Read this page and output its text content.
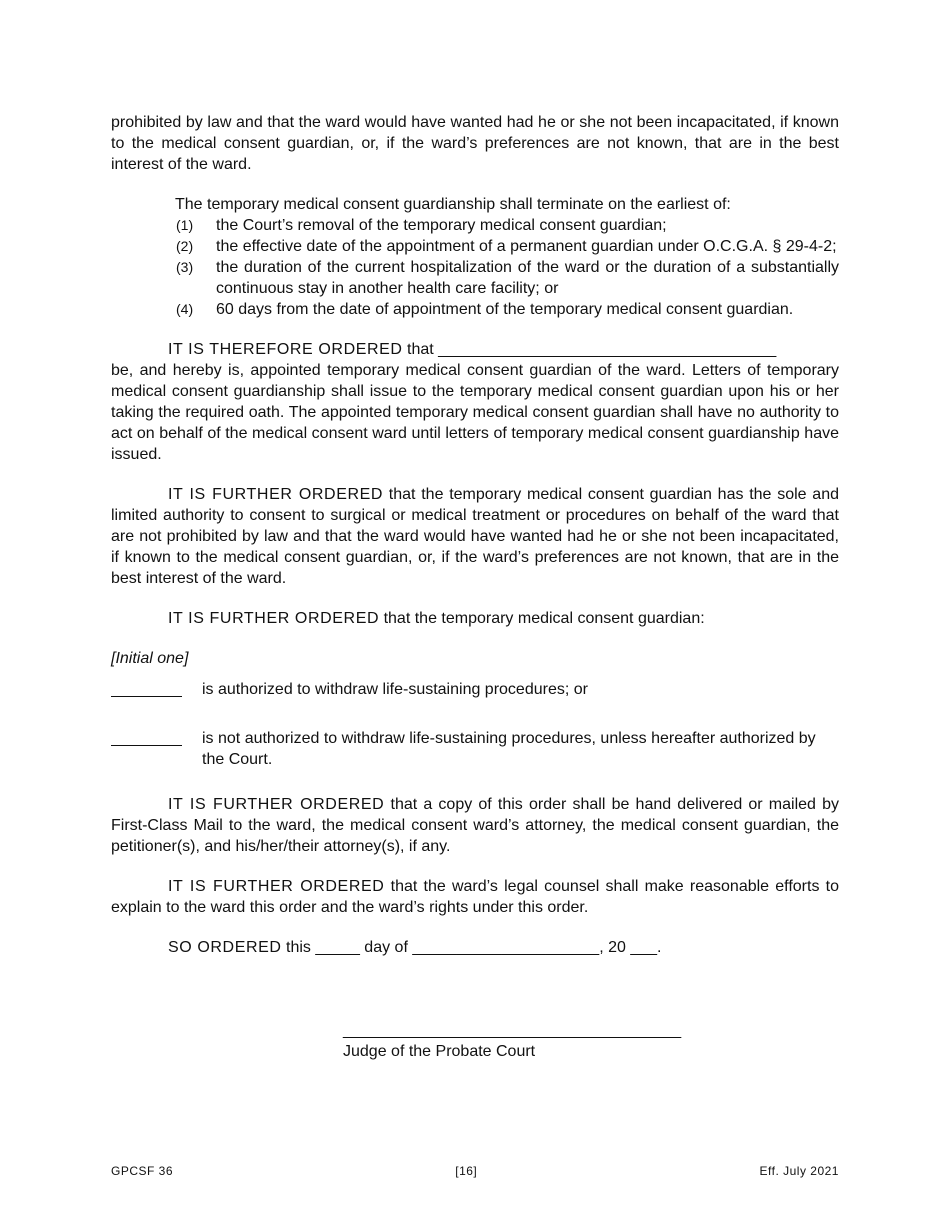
prohibited by law and that the ward would have wanted had he or she not been incapacitated, if known to the medical consent guardian, or, if the ward’s preferences are not known, that are in the best interest of the ward.

The temporary medical consent guardianship shall terminate on the earliest of:

(1) the Court’s removal of the temporary medical consent guardian;
(2) the effective date of the appointment of a permanent guardian under O.C.G.A. § 29-4-2;
(3) the duration of the current hospitalization of the ward or the duration of a substantially continuous stay in another health care facility; or
(4) 60 days from the date of appointment of the temporary medical consent guardian.

IT IS THEREFORE ORDERED that ______________________________________

be, and hereby is, appointed temporary medical consent guardian of the ward. Letters of temporary medical consent guardianship shall issue to the temporary medical consent guardian upon his or her taking the required oath. The appointed temporary medical consent guardian shall have no authority to act on behalf of the medical consent ward until letters of temporary medical consent guardianship have issued.

IT IS FURTHER ORDERED that the temporary medical consent guardian has the sole and limited authority to consent to surgical or medical treatment or procedures on behalf of the ward that are not prohibited by law and that the ward would have wanted had he or she not been incapacitated, if known to the medical consent guardian, or, if the ward’s preferences are not known, that are in the best interest of the ward.

IT IS FURTHER ORDERED that the temporary medical consent guardian:

[Initial one]

is authorized to withdraw life-sustaining procedures; or
is not authorized to withdraw life-sustaining procedures, unless hereafter authorized by the Court.

IT IS FURTHER ORDERED that a copy of this order shall be hand delivered or mailed by First-Class Mail to the ward, the medical consent ward’s attorney, the medical consent guardian, the petitioner(s), and his/her/their attorney(s), if any.

IT IS FURTHER ORDERED that the ward’s legal counsel shall make reasonable efforts to explain to the ward this order and the ward’s rights under this order.

SO ORDERED this _____ day of _____________________, 20 ___.

______________________________________
Judge of the Probate Court
GPCSF 36	[16]	Eff. July 2021
